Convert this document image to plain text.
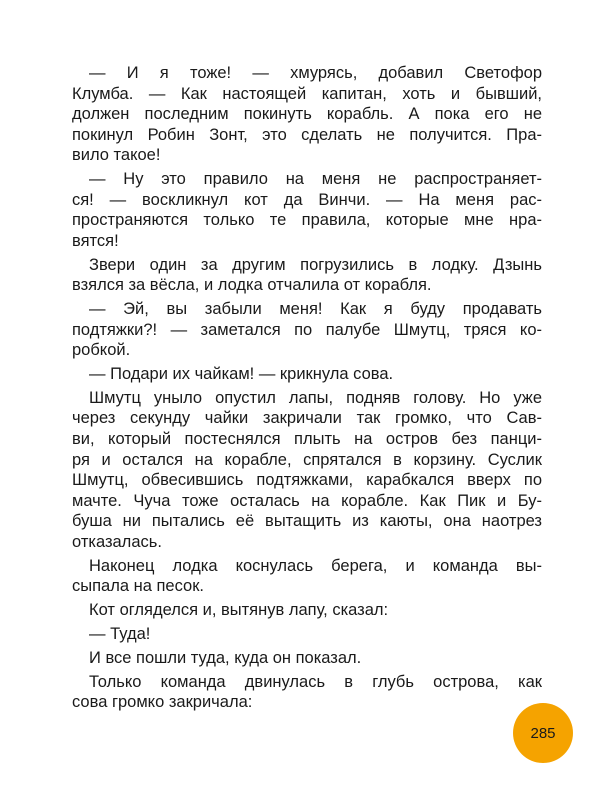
— И я тоже! — хмурясь, добавил Светофор
Клумба. — Как настоящей капитан, хоть и бывший,
должен последним покинуть корабль. А пока его не
покинул Робин Зонт, это сделать не получится. Пра-
вило такое!
— Ну это правило на меня не распространяет-
ся! — воскликнул кот да Винчи. — На меня рас-
пространяются только те правила, которые мне нра-
вятся!
Звери один за другим погрузились в лодку. Дзынь
взялся за вёсла, и лодка отчалила от корабля.
— Эй, вы забыли меня! Как я буду продавать
подтяжки?! — заметался по палубе Шмутц, тряся ко-
робкой.
— Подари их чайкам! — крикнула сова.
Шмутц уныло опустил лапы, подняв голову. Но уже
через секунду чайки закричали так громко, что Сав-
ви, который постеснялся плыть на остров без панци-
ря и остался на корабле, спрятался в корзину. Суслик
Шмутц, обвесившись подтяжками, карабкался вверх по
мачте. Чуча тоже осталась на корабле. Как Пик и Бу-
буша ни пытались её вытащить из каюты, она наотрез
отказалась.
Наконец лодка коснулась берега, и команда вы-
сыпала на песок.
Кот огляделся и, вытянув лапу, сказал:
— Туда!
И все пошли туда, куда он показал.
Только команда двинулась в глубь острова, как
сова громко закричала:
285
